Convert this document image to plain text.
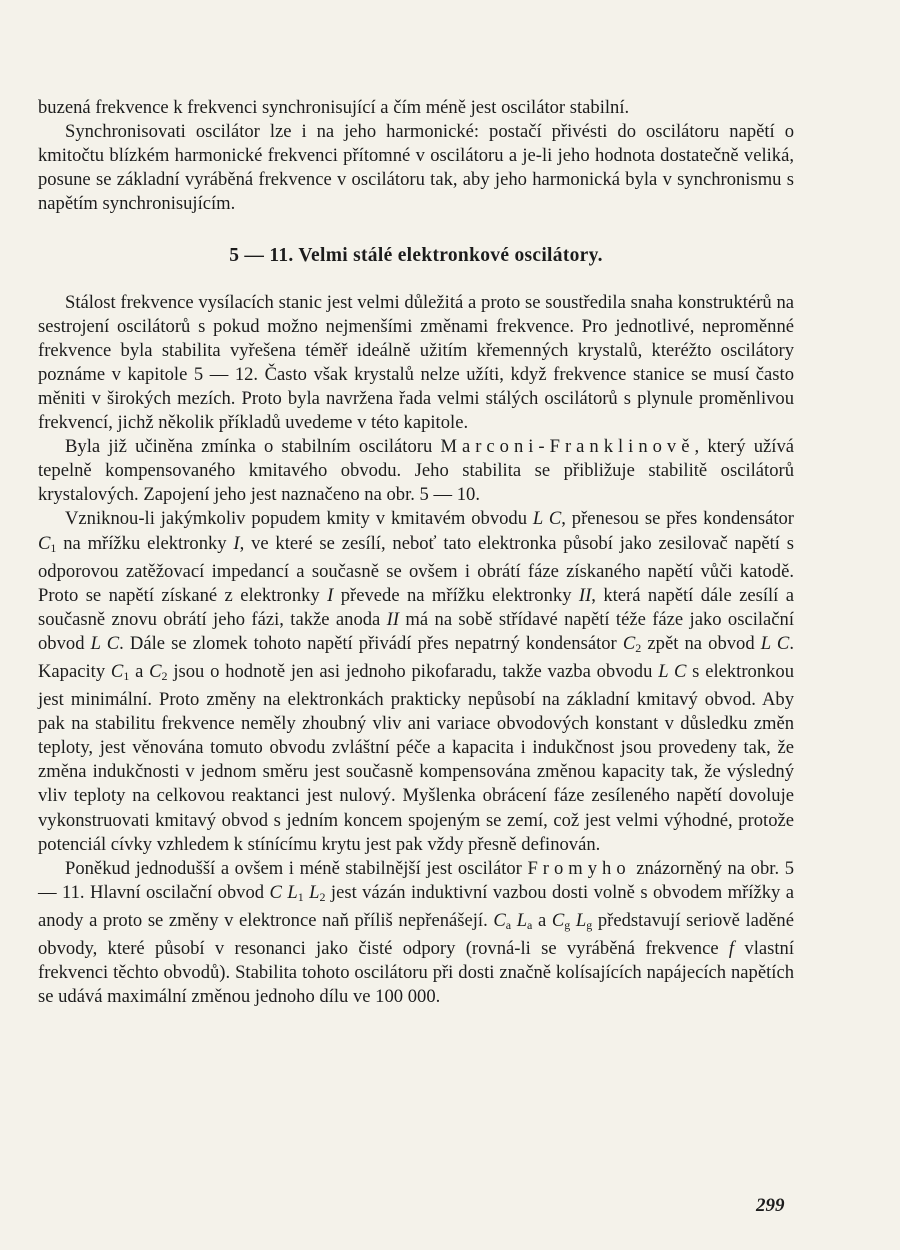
buzená frekvence k frekvenci synchronisující a čím méně jest oscilátor stabilní.

Synchronisovati oscilátor lze i na jeho harmonické: postačí přivésti do oscilátoru napětí o kmitočtu blízkém harmonické frekvenci přítomné v oscilátoru a je-li jeho hodnota dostatečně veliká, posune se základní vyráběná frekvence v oscilátoru tak, aby jeho harmonická byla v synchronismu s napětím synchronisujícím.

5 — 11. Velmi stálé elektronkové oscilátory.

Stálost frekvence vysílacích stanic jest velmi důležitá a proto se soustředila snaha konstruktérů na sestrojení oscilátorů s pokud možno nejmenšími změnami frekvence. Pro jednotlivé, neproměnné frekvence byla stabilita vyřešena téměř ideálně užitím křemenných krystalů, kteréžto oscilátory poznáme v kapitole 5 — 12. Často však krystalů nelze užíti, když frekvence stanice se musí často měniti v širokých mezích. Proto byla navržena řada velmi stálých oscilátorů s plynule proměnlivou frekvencí, jichž několik příkladů uvedeme v této kapitole.

Byla již učiněna zmínka o stabilním oscilátoru Marconi-Franklinově, který užívá tepelně kompensovaného kmitavého obvodu. Jeho stabilita se přibližuje stabilitě oscilátorů krystalových. Zapojení jeho jest naznačeno na obr. 5 — 10.

Vzniknou-li jakýmkoliv popudem kmity v kmitavém obvodu L C, přenesou se přes kondensátor $C_1$ na mřížku elektronky I, ve které se zesílí, neboť tato elektronka působí jako zesilovač napětí s odporovou zatěžovací impedancí a současně se ovšem i obrátí fáze získaného napětí vůči katodě. Proto se napětí získané z elektronky I převede na mřížku elektronky II, která napětí dále zesílí a současně znovu obrátí jeho fázi, takže anoda II má na sobě střídavé napětí téže fáze jako oscilační obvod L C. Dále se zlomek tohoto napětí přivádí přes nepatrný kondensátor $C_2$ zpět na obvod L C. Kapacity $C_1$ a $C_2$ jsou o hodnotě jen asi jednoho pikofaradu, takže vazba obvodu L C s elektronkou jest minimální. Proto změny na elektronkách prakticky nepůsobí na základní kmitavý obvod. Aby pak na stabilitu frekvence neměly zhoubný vliv ani variace obvodových konstant v důsledku změn teploty, jest věnována tomuto obvodu zvláštní péče a kapacita i indukčnost jsou provedeny tak, že změna indukčnosti v jednom směru jest současně kompensována změnou kapacity tak, že výsledný vliv teploty na celkovou reaktanci jest nulový. Myšlenka obrácení fáze zesíleného napětí dovoluje vykonstruovati kmitavý obvod s jedním koncem spojeným se zemí, což jest velmi výhodné, protože potenciál cívky vzhledem k stínícímu krytu jest pak vždy přesně definován.

Poněkud jednodušší a ovšem i méně stabilnější jest oscilátor Fromyho znázorněný na obr. 5 — 11. Hlavní oscilační obvod C $L_1$ $L_2$ jest vázán induktivní vazbou dosti volně s obvodem mřížky a anody a proto se změny v elektronce naň příliš nepřenášejí. $C_a$ $L_a$ a $C_g$ $L_g$ představují seriově laděné obvody, které působí v resonanci jako čisté odpory (rovná-li se vyráběná frekvence f vlastní frekvenci těchto obvodů). Stabilita tohoto oscilátoru při dosti značně kolísajících napájecích napětích se udává maximální změnou jednoho dílu ve 100 000.

299
